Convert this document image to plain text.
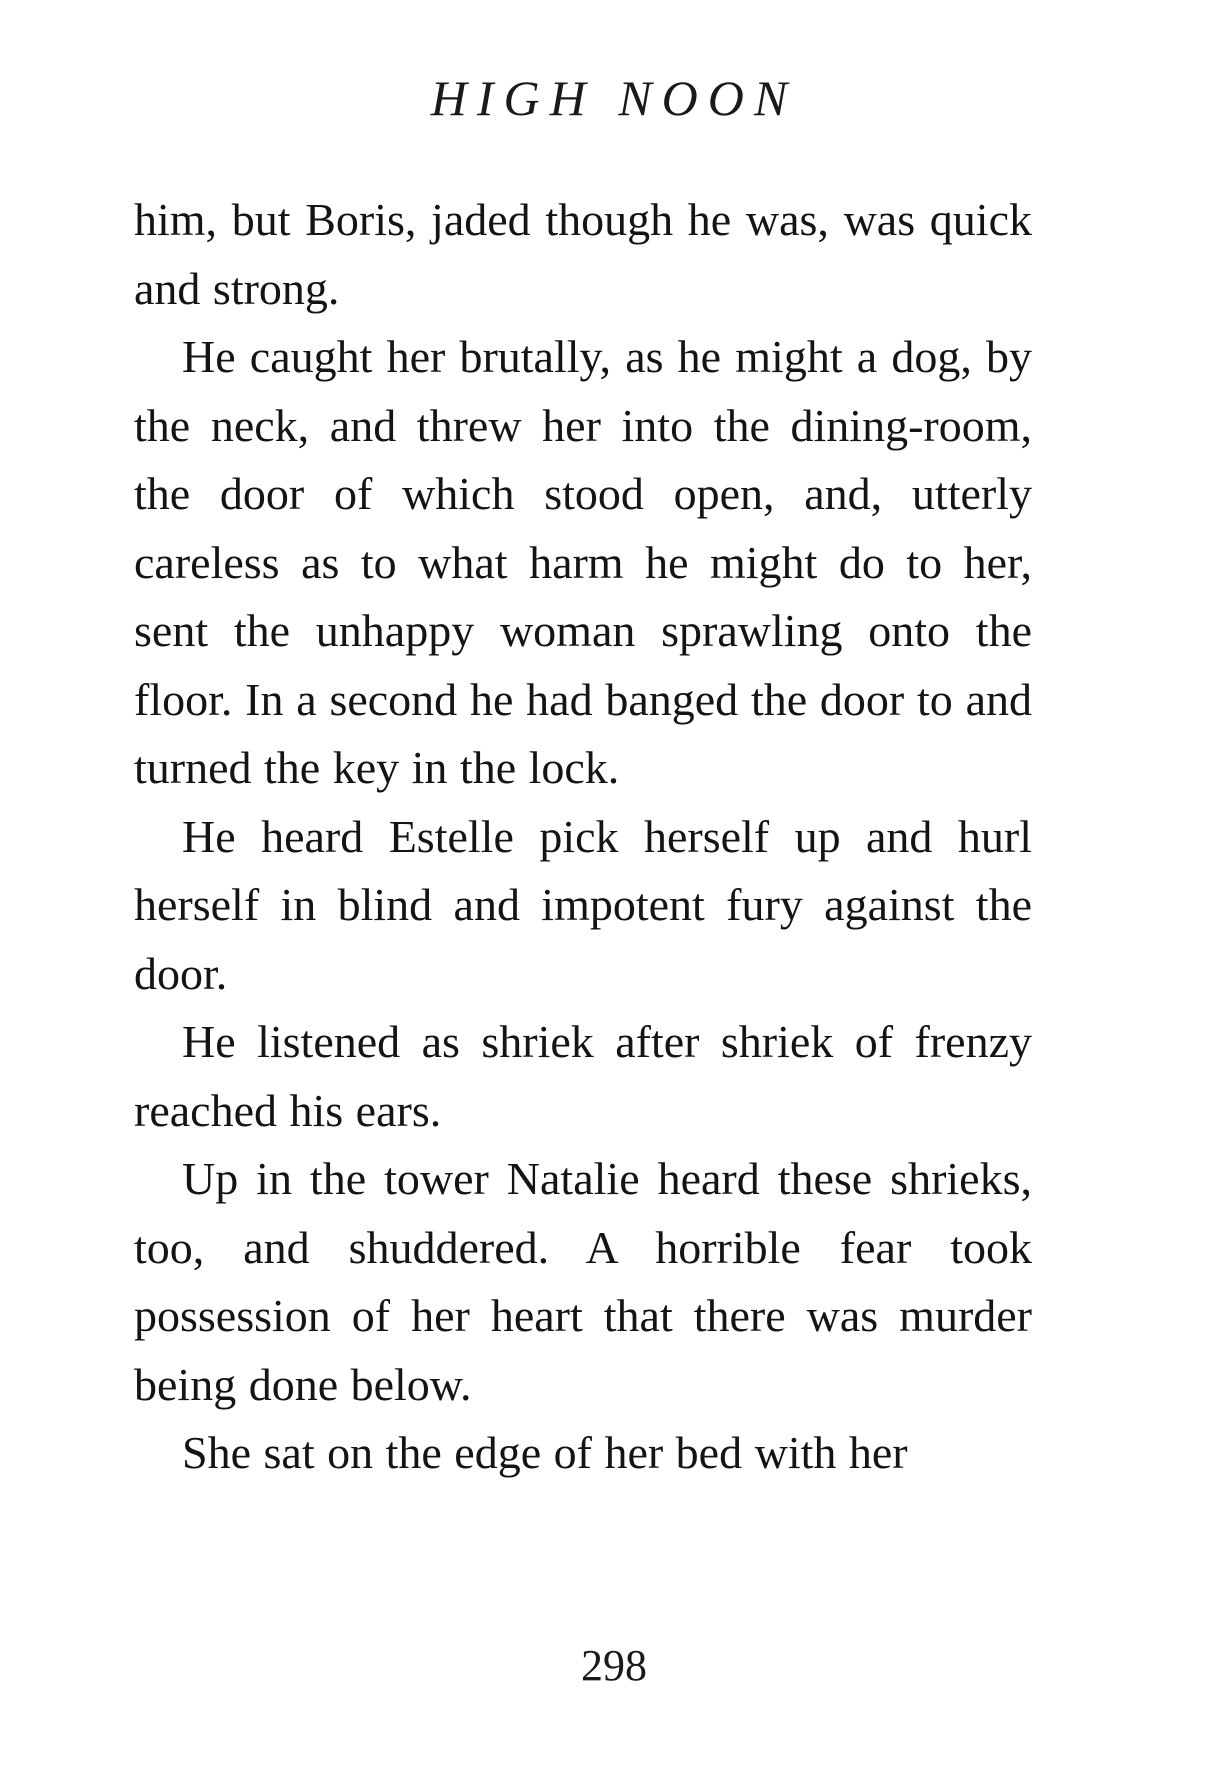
HIGH NOON

him, but Boris, jaded though he was, was quick and strong.

He caught her brutally, as he might a dog, by the neck, and threw her into the dining-room, the door of which stood open, and, utterly careless as to what harm he might do to her, sent the unhappy woman sprawling onto the floor. In a second he had banged the door to and turned the key in the lock.

He heard Estelle pick herself up and hurl herself in blind and impotent fury against the door.

He listened as shriek after shriek of frenzy reached his ears.

Up in the tower Natalie heard these shrieks, too, and shuddered. A horrible fear took possession of her heart that there was murder being done below.

She sat on the edge of her bed with her

298
